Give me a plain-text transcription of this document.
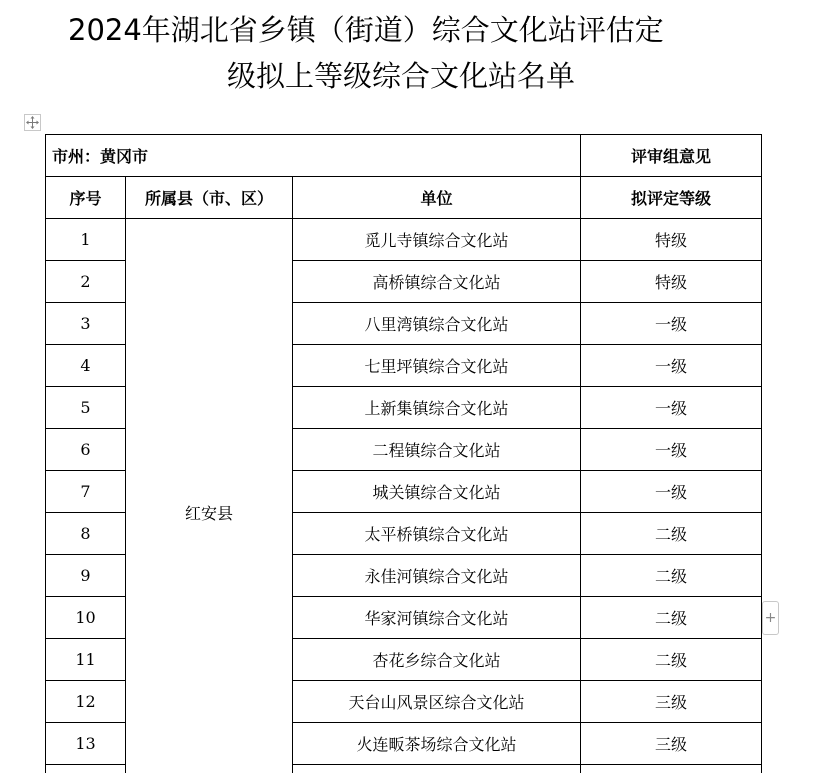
2024年湖北省乡镇（街道）综合文化站评估定
级拟上等级综合文化站名单
+
市州：黄冈市			评审组意见
序号	所属县（市、区）	单位	拟评定等级
1	红安县	觅儿寺镇综合文化站	特级
2		高桥镇综合文化站	特级
3		八里湾镇综合文化站	一级
4		七里坪镇综合文化站	一级
5		上新集镇综合文化站	一级
6		二程镇综合文化站	一级
7		城关镇综合文化站	一级
8		太平桥镇综合文化站	二级
9		永佳河镇综合文化站	二级
10		华家河镇综合文化站	二级
11		杏花乡综合文化站	二级
12		天台山风景区综合文化站	三级
13		火连畈茶场综合文化站	三级
